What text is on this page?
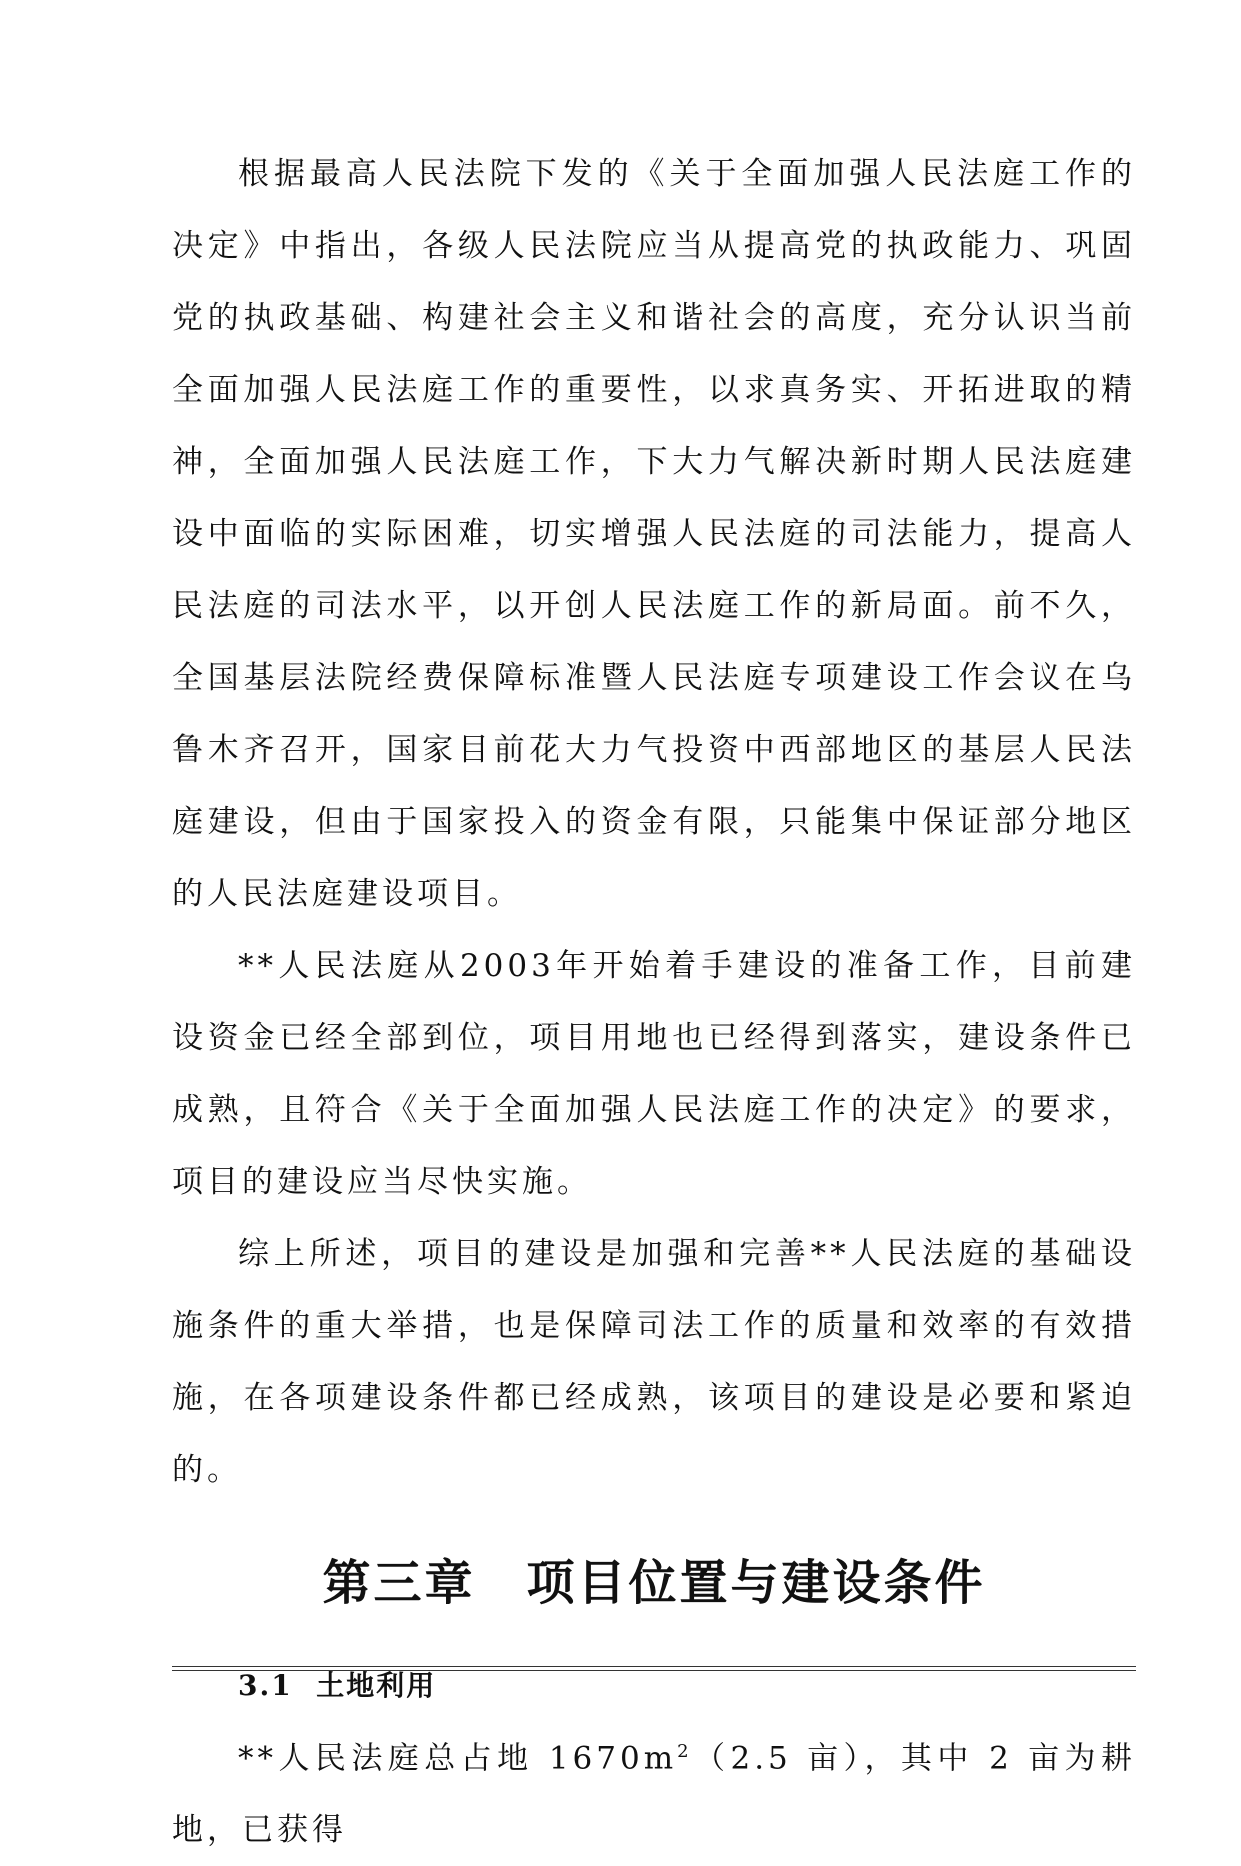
根据最高人民法院下发的《关于全面加强人民法庭工作的决定》中指出，各级人民法院应当从提高党的执政能力、巩固党的执政基础、构建社会主义和谐社会的高度，充分认识当前全面加强人民法庭工作的重要性，以求真务实、开拓进取的精神，全面加强人民法庭工作，下大力气解决新时期人民法庭建设中面临的实际困难，切实增强人民法庭的司法能力，提高人民法庭的司法水平，以开创人民法庭工作的新局面。前不久，全国基层法院经费保障标准暨人民法庭专项建设工作会议在乌鲁木齐召开，国家目前花大力气投资中西部地区的基层人民法庭建设，但由于国家投入的资金有限，只能集中保证部分地区的人民法庭建设项目。

**人民法庭从2003年开始着手建设的准备工作，目前建设资金已经全部到位，项目用地也已经得到落实，建设条件已成熟，且符合《关于全面加强人民法庭工作的决定》的要求，项目的建设应当尽快实施。

综上所述，项目的建设是加强和完善**人民法庭的基础设施条件的重大举措，也是保障司法工作的质量和效率的有效措施，在各项建设条件都已经成熟，该项目的建设是必要和紧迫的。

第三章　项目位置与建设条件
3.1 土地利用

**人民法庭总占地 $1670m^2(2.5$ 亩），其中 2 亩为耕地，已获得
